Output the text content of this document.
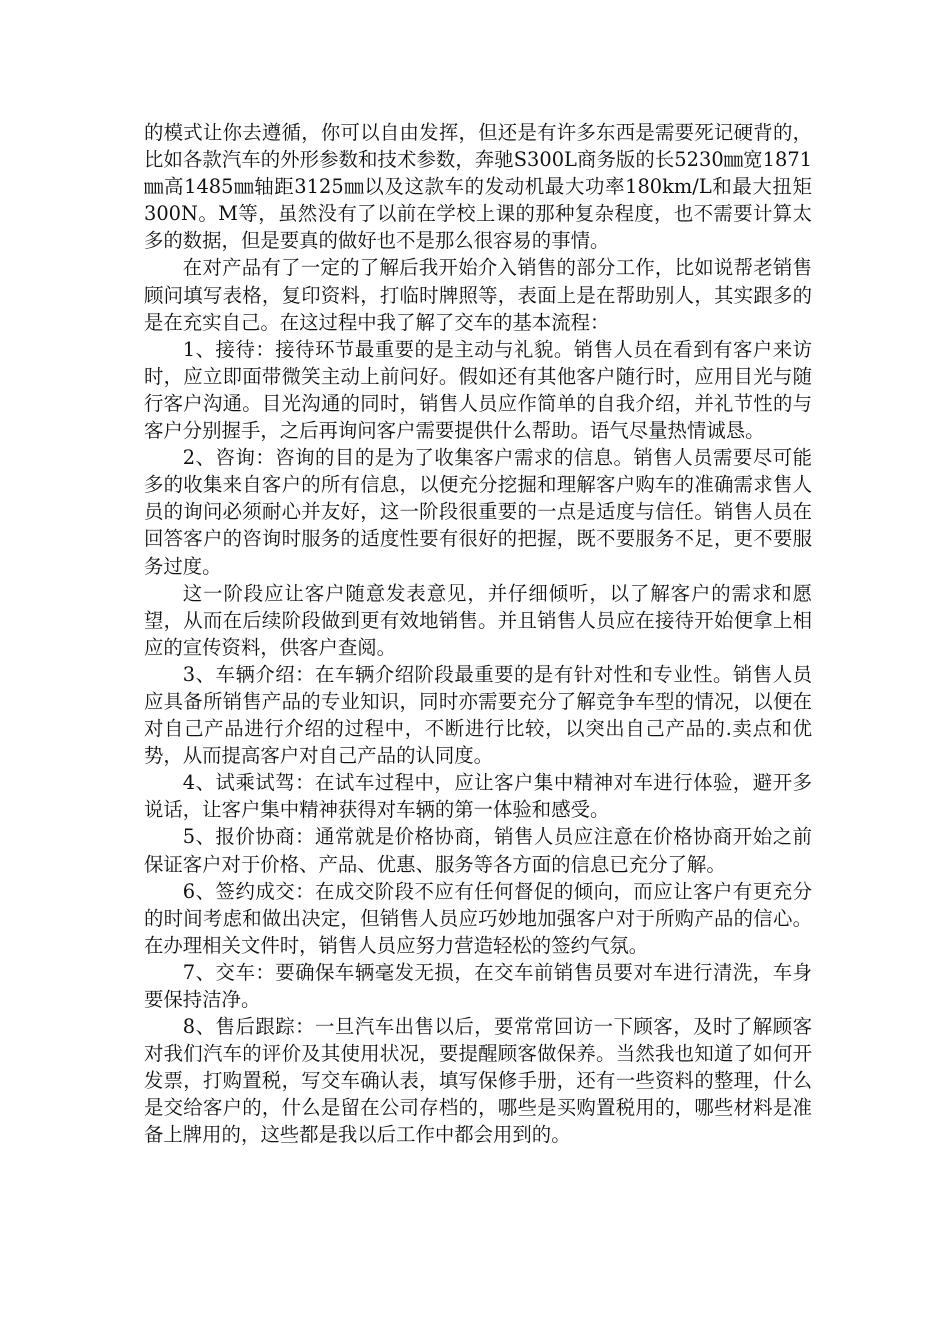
的模式让你去遵循，你可以自由发挥，但还是有许多东西是需要死记硬背的，比如各款汽车的外形参数和技术参数，奔驰S300L商务版的长5230㎜宽1871㎜高1485㎜轴距3125㎜以及这款车的发动机最大功率180km/L和最大扭矩300N。M等，虽然没有了以前在学校上课的那种复杂程度，也不需要计算太多的数据，但是要真的做好也不是那么很容易的事情。

在对产品有了一定的了解后我开始介入销售的部分工作，比如说帮老销售顾问填写表格，复印资料，打临时牌照等，表面上是在帮助别人，其实跟多的是在充实自己。在这过程中我了解了交车的基本流程：

1、接待：接待环节最重要的是主动与礼貌。销售人员在看到有客户来访时，应立即面带微笑主动上前问好。假如还有其他客户随行时，应用目光与随行客户沟通。目光沟通的同时，销售人员应作简单的自我介绍，并礼节性的与客户分别握手，之后再询问客户需要提供什么帮助。语气尽量热情诚恳。

2、咨询：咨询的目的是为了收集客户需求的信息。销售人员需要尽可能多的收集来自客户的所有信息，以便充分挖掘和理解客户购车的准确需求售人员的询问必须耐心并友好，这一阶段很重要的一点是适度与信任。销售人员在回答客户的咨询时服务的适度性要有很好的把握，既不要服务不足，更不要服务过度。

这一阶段应让客户随意发表意见，并仔细倾听，以了解客户的需求和愿望，从而在后续阶段做到更有效地销售。并且销售人员应在接待开始便拿上相应的宣传资料，供客户查阅。

3、车辆介绍：在车辆介绍阶段最重要的是有针对性和专业性。销售人员应具备所销售产品的专业知识，同时亦需要充分了解竞争车型的情况，以便在对自己产品进行介绍的过程中，不断进行比较，以突出自己产品的.卖点和优势，从而提高客户对自己产品的认同度。

4、试乘试驾：在试车过程中，应让客户集中精神对车进行体验，避开多说话，让客户集中精神获得对车辆的第一体验和感受。

5、报价协商：通常就是价格协商，销售人员应注意在价格协商开始之前保证客户对于价格、产品、优惠、服务等各方面的信息已充分了解。

6、签约成交：在成交阶段不应有任何督促的倾向，而应让客户有更充分的时间考虑和做出决定，但销售人员应巧妙地加强客户对于所购产品的信心。在办理相关文件时，销售人员应努力营造轻松的签约气氛。

7、交车：要确保车辆毫发无损，在交车前销售员要对车进行清洗，车身要保持洁净。

8、售后跟踪：一旦汽车出售以后，要常常回访一下顾客，及时了解顾客对我们汽车的评价及其使用状况，要提醒顾客做保养。当然我也知道了如何开发票，打购置税，写交车确认表，填写保修手册，还有一些资料的整理，什么是交给客户的，什么是留在公司存档的，哪些是买购置税用的，哪些材料是准备上牌用的，这些都是我以后工作中都会用到的。
